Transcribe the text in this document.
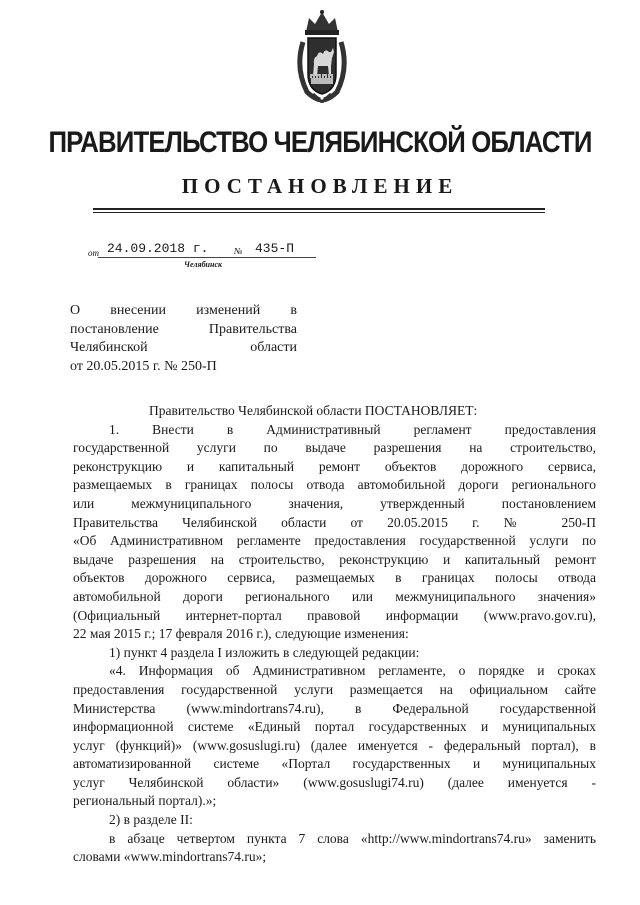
ПРАВИТЕЛЬСТВО ЧЕЛЯБИНСКОЙ ОБЛАСТИ
ПОСТАНОВЛЕНИЕ
от 24.09.2018 г.	№ 435-П
Челябинск
О внесении изменений в
постановление Правительства
Челябинской области
от 20.05.2015 г. № 250-П
Правительство Челябинской области ПОСТАНОВЛЯЕТ:
1. Внести в Административный регламент предоставления
государственной услуги по выдаче разрешения на строительство,
реконструкцию и капитальный ремонт объектов дорожного сервиса,
размещаемых в границах полосы отвода автомобильной дороги регионального
или межмуниципального значения, утвержденный постановлением
Правительства Челябинской области от 20.05.2015 г. № 250-П
«Об Административном регламенте предоставления государственной услуги по
выдаче разрешения на строительство, реконструкцию и капитальный ремонт
объектов дорожного сервиса, размещаемых в границах полосы отвода
автомобильной дороги регионального или межмуниципального значения»
(Официальный интернет-портал правовой информации (www.pravo.gov.ru),
22 мая 2015 г.; 17 февраля 2016 г.), следующие изменения:
1) пункт 4 раздела I изложить в следующей редакции:
«4. Информация об Административном регламенте, о порядке и сроках
предоставления государственной услуги размещается на официальном сайте
Министерства (www.mindortrans74.ru), в Федеральной государственной
информационной системе «Единый портал государственных и муниципальных
услуг (функций)» (www.gosuslugi.ru) (далее именуется - федеральный портал), в
автоматизированной системе «Портал государственных и муниципальных
услуг Челябинской области» (www.gosuslugi74.ru) (далее именуется -
региональный портал).»;
2) в разделе II:
в абзаце четвертом пункта 7 слова «http://www.mindortrans74.ru» заменить
словами «www.mindortrans74.ru»;
